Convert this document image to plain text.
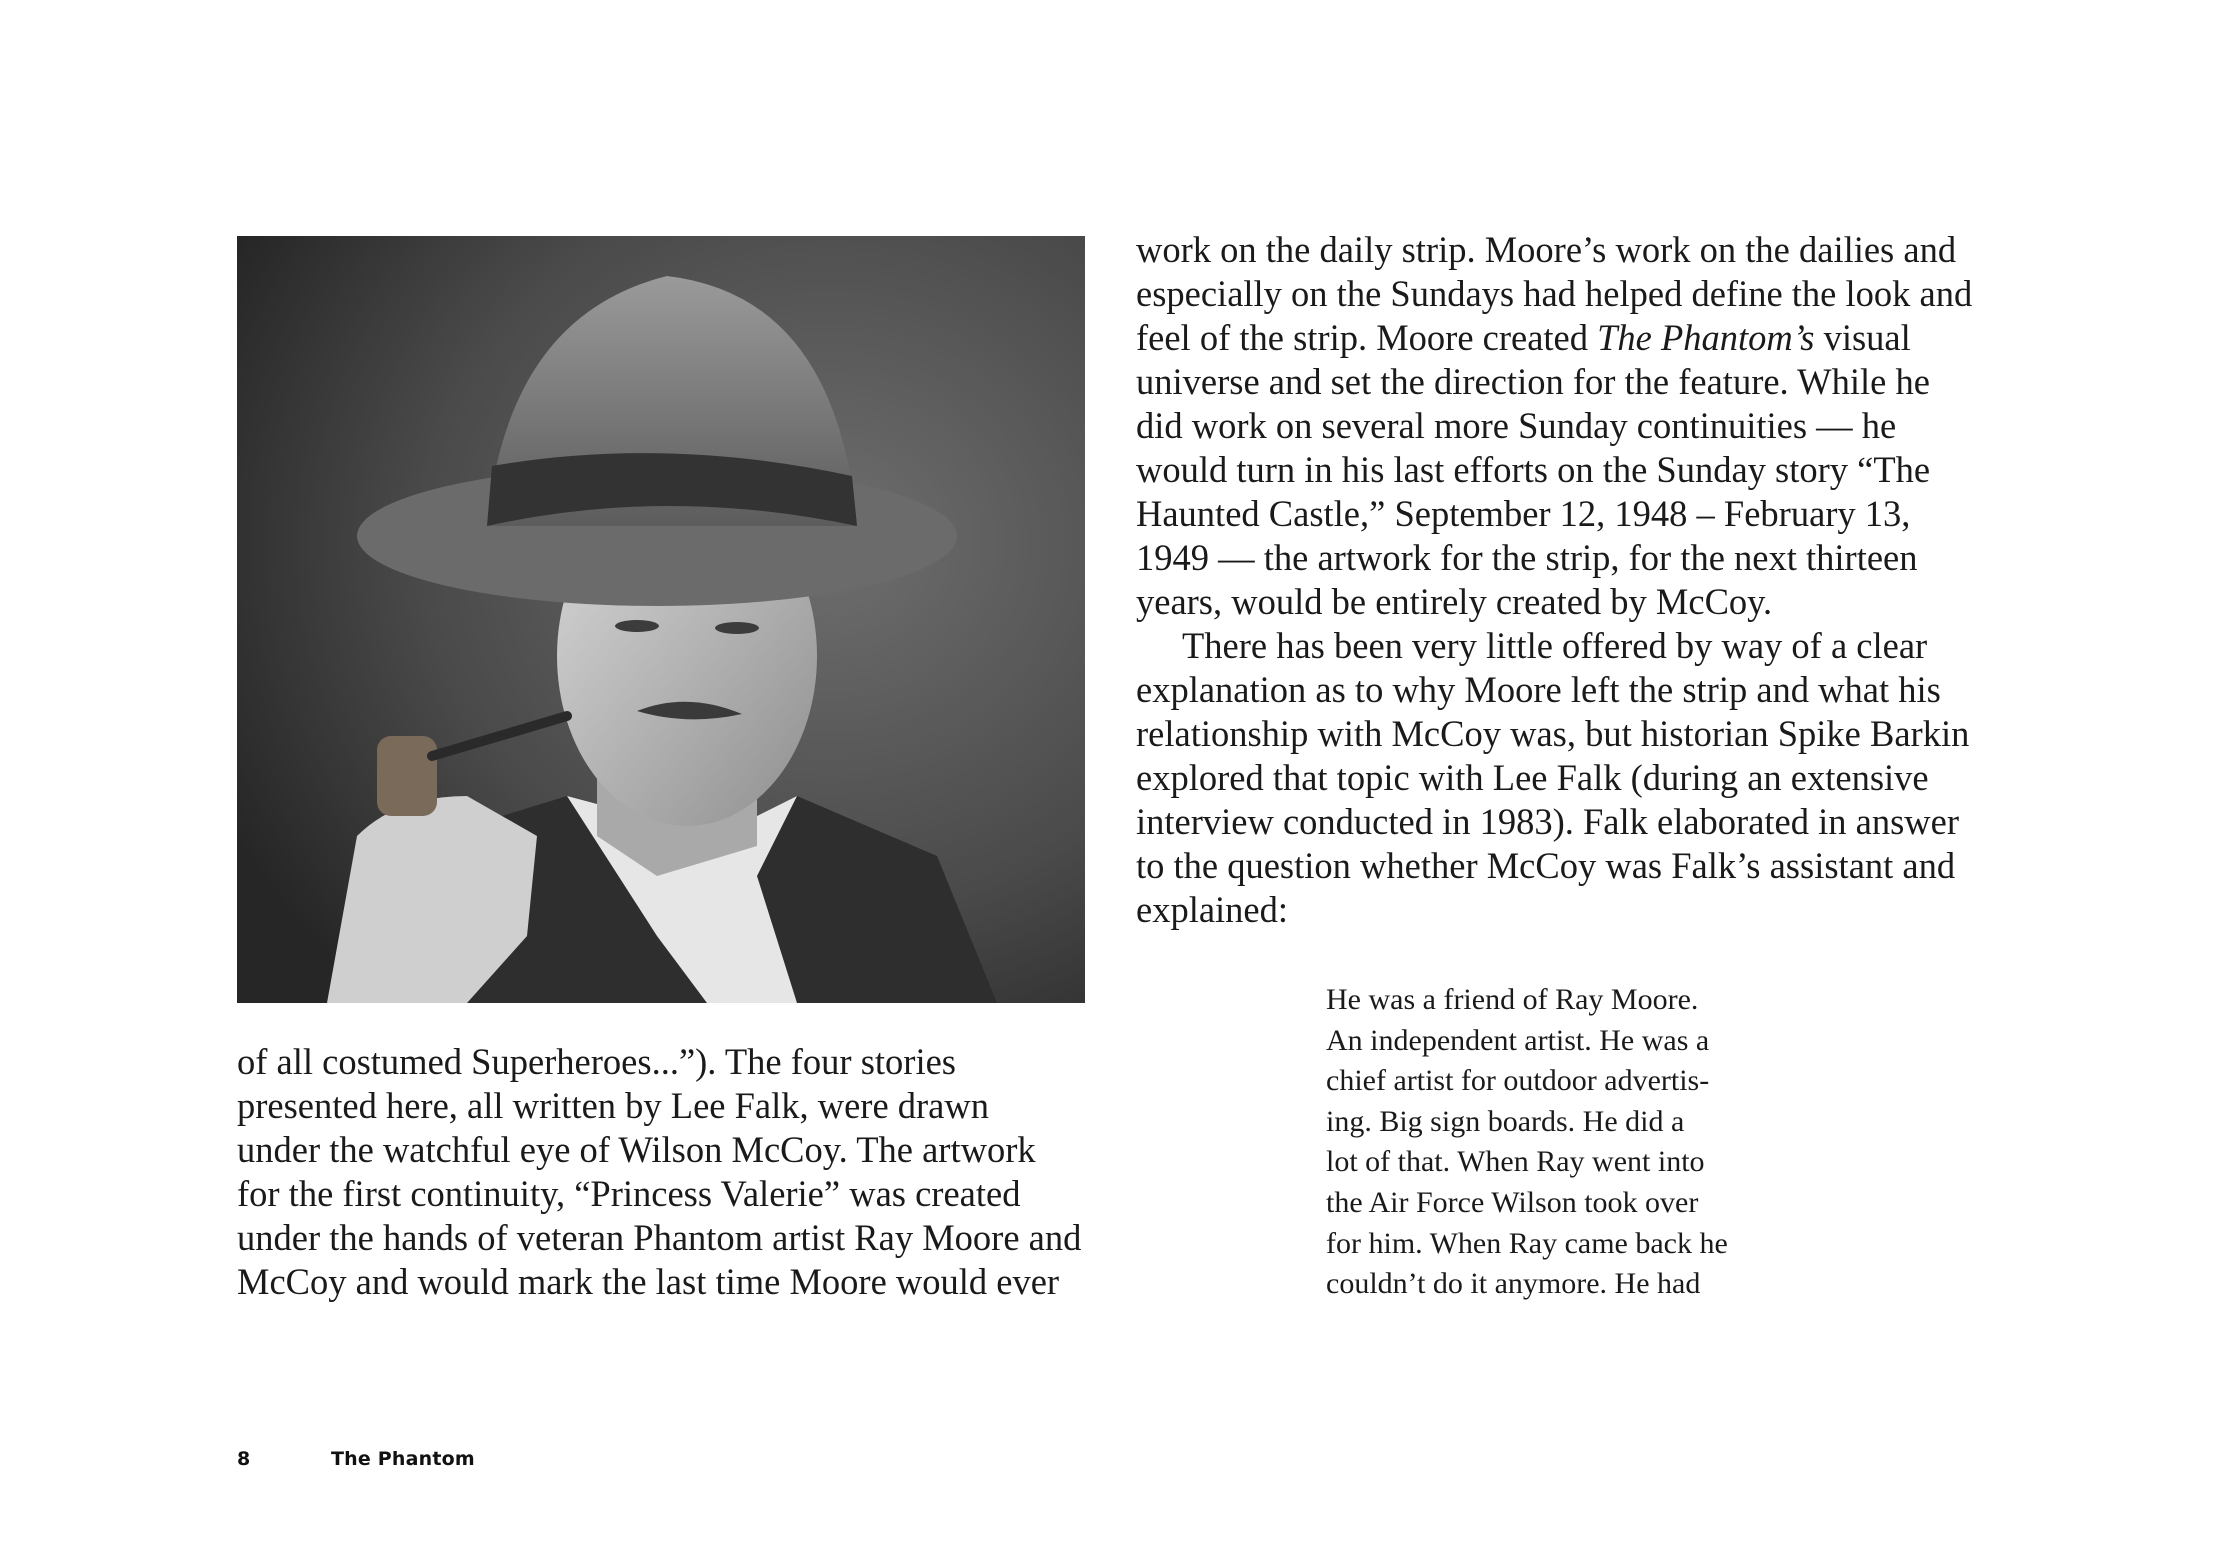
of all costumed Superheroes...”). The four stories
presented here, all written by Lee Falk, were drawn
under the watchful eye of Wilson McCoy. The artwork
for the first continuity, “Princess Valerie” was created
under the hands of veteran Phantom artist Ray Moore and
McCoy and would mark the last time Moore would ever
work on the daily strip. Moore’s work on the dailies and
especially on the Sundays had helped define the look and
feel of the strip. Moore created The Phantom’s visual
universe and set the direction for the feature. While he
did work on several more Sunday continuities — he
would turn in his last efforts on the Sunday story “The
Haunted Castle,” September 12, 1948 – February 13,
1949 — the artwork for the strip, for the next thirteen
years, would be entirely created by McCoy.
There has been very little offered by way of a clear
explanation as to why Moore left the strip and what his
relationship with McCoy was, but historian Spike Barkin
explored that topic with Lee Falk (during an extensive
interview conducted in 1983). Falk elaborated in answer
to the question whether McCoy was Falk’s assistant and
explained:
He was a friend of Ray Moore.
An independent artist. He was a
chief artist for outdoor advertis-
ing. Big sign boards. He did a
lot of that. When Ray went into
the Air Force Wilson took over
for him. When Ray came back he
couldn’t do it anymore. He had
8	The Phantom
